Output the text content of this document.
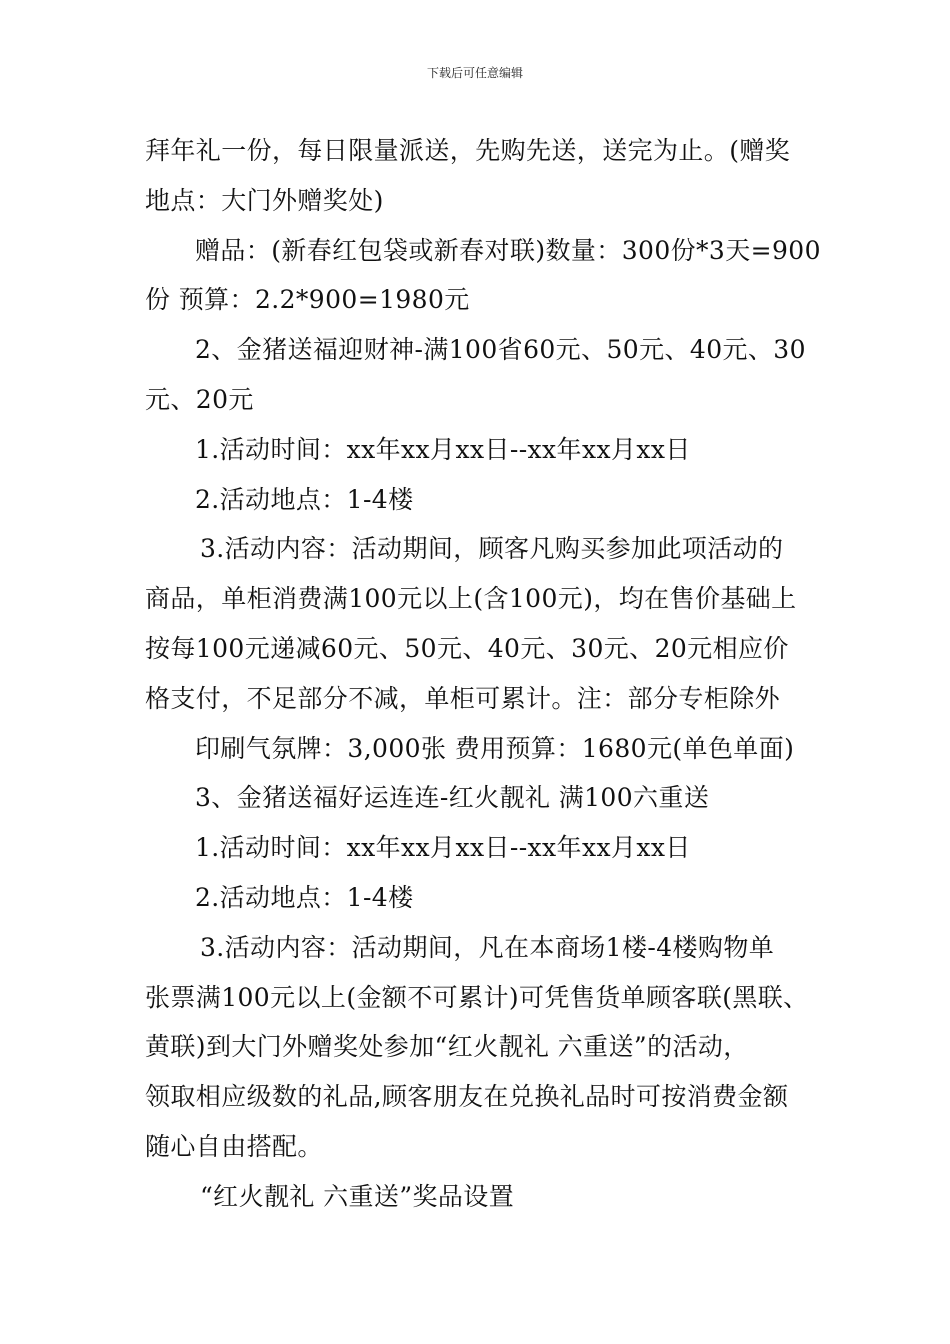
下载后可任意编辑
拜年礼一份，每日限量派送，先购先送，送完为止。(赠奖
地点：大门外赠奖处)
赠品：(新春红包袋或新春对联)数量：300份*3天=900
份 预算：2.2*900=1980元
2、金猪送福迎财神-满100省60元、50元、40元、30
元、20元
1.活动时间：xx年xx月xx日--xx年xx月xx日
2.活动地点：1-4楼
3.活动内容：活动期间，顾客凡购买参加此项活动的
商品，单柜消费满100元以上(含100元)，均在售价基础上
按每100元递减60元、50元、40元、30元、20元相应价
格支付，不足部分不减，单柜可累计。注：部分专柜除外
印刷气氛牌：3,000张 费用预算：1680元(单色单面)
3、金猪送福好运连连-红火靓礼 满100六重送
1.活动时间：xx年xx月xx日--xx年xx月xx日
2.活动地点：1-4楼
3.活动内容：活动期间，凡在本商场1楼-4楼购物单
张票满100元以上(金额不可累计)可凭售货单顾客联(黑联、
黄联)到大门外赠奖处参加“红火靓礼 六重送”的活动，
领取相应级数的礼品,顾客朋友在兑换礼品时可按消费金额
随心自由搭配。
“红火靓礼 六重送”奖品设置
